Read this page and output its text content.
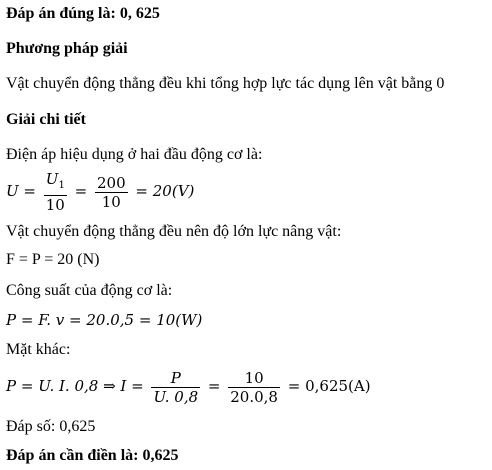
Đáp án đúng là: 0, 625
Phương pháp giải
Vật chuyển động thẳng đều khi tổng hợp lực tác dụng lên vật bằng 0
Giải chi tiết
Điện áp hiệu dụng ở hai đầu động cơ là:
$U = \frac{U_1}{10} = \frac{200}{10} = 20(V)$
Vật chuyển động thẳng đều nên độ lớn lực nâng vật:
F = P = 20 (N)
Công suất của động cơ là:
P = F. v = 20.0,5 = 10(W)
Mặt khác:
P = U. I. 0,8 ⇒ $I = \frac{P}{U. 0,8} = \frac{10}{20.0,8} = 0,625(A)$
Đáp số: 0,625
Đáp án cần điền là: 0,625
